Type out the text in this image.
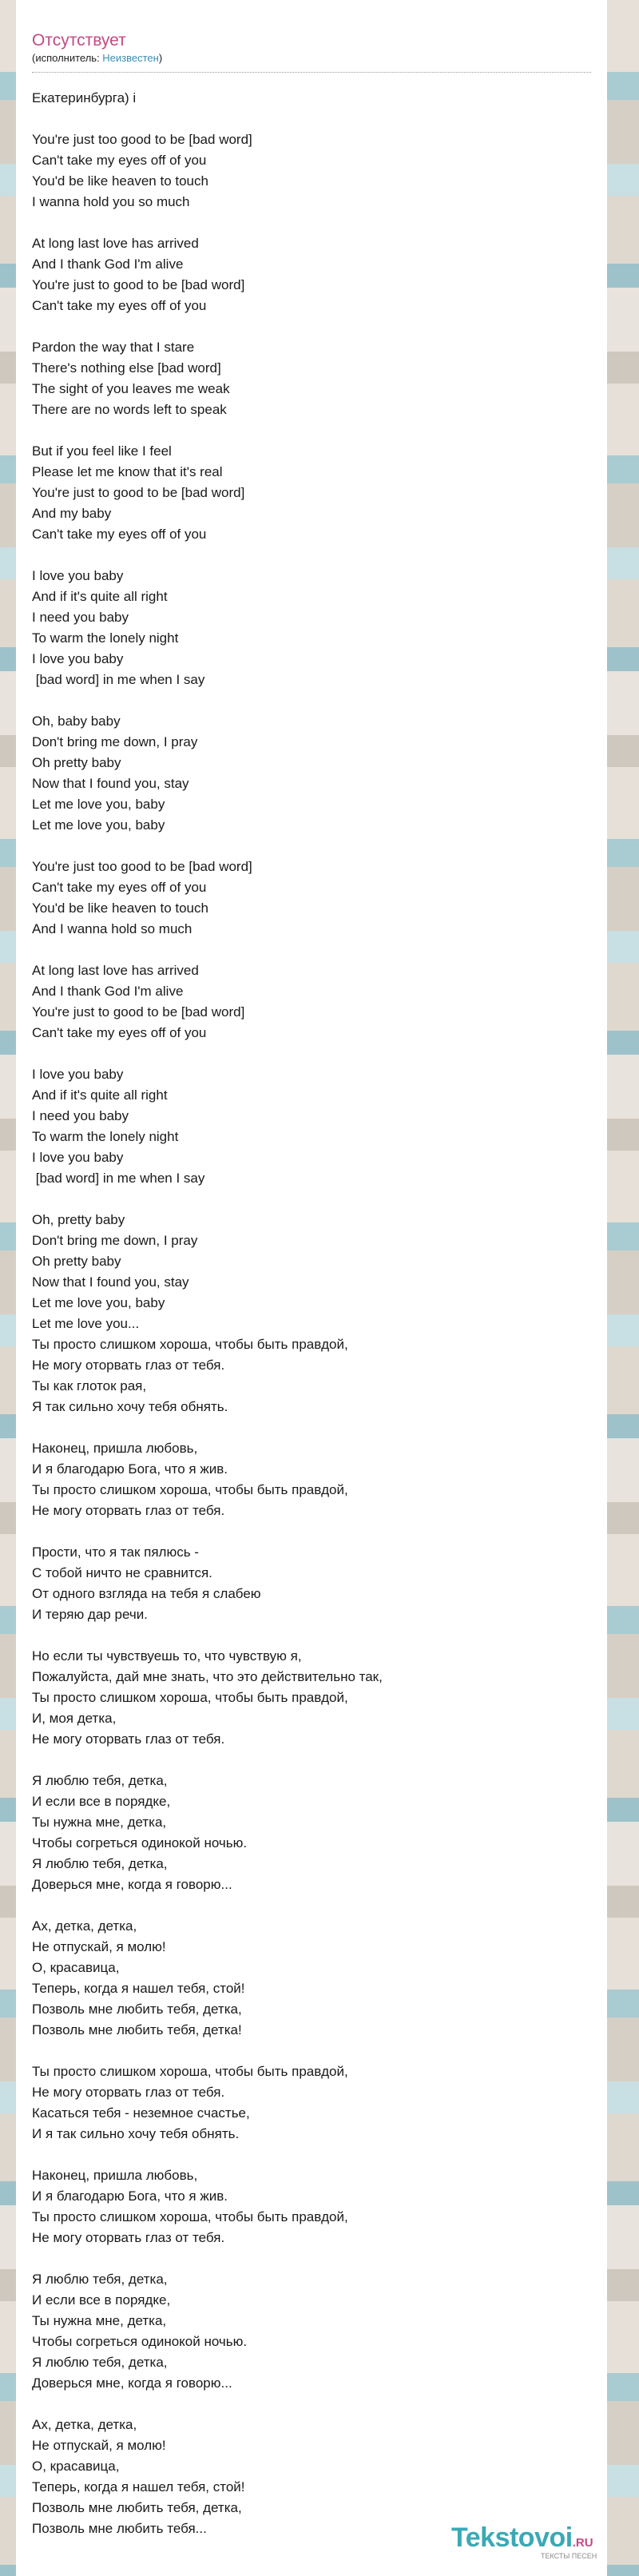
Отсутствует
(исполнитель: Неизвестен)
Екатеринбурга) i
You're just too good to be [bad word]
Can't take my eyes off of you
You'd be like heaven to touch
I wanna hold you so much
At long last love has arrived
And I thank God I'm alive
You're just to good to be [bad word]
Can't take my eyes off of you
Pardon the way that I stare
There's nothing else [bad word]
The sight of you leaves me weak
There are no words left to speak
But if you feel like I feel
Please let me know that it's real
You're just to good to be [bad word]
And my baby
Can't take my eyes off of you
I love you baby
And if it's quite all right
I need you baby
To warm the lonely night
I love you baby
[bad word] in me when I say
Oh, baby baby
Don't bring me down, I pray
Oh pretty baby
Now that I found you, stay
Let me love you, baby
Let me love you, baby
You're just too good to be [bad word]
Can't take my eyes off of you
You'd be like heaven to touch
And I wanna hold so much
At long last love has arrived
And I thank God I'm alive
You're just to good to be [bad word]
Can't take my eyes off of you
I love you baby
And if it's quite all right
I need you baby
To warm the lonely night
I love you baby
[bad word] in me when I say
Oh, pretty baby
Don't bring me down, I pray
Oh pretty baby
Now that I found you, stay
Let me love you, baby
Let me love you...
Ты просто слишком хороша, чтобы быть правдой,
Не могу оторвать глаз от тебя.
Ты как глоток рая,
Я так сильно хочу тебя обнять.
Наконец, пришла любовь,
И я благодарю Бога, что я жив.
Ты просто слишком хороша, чтобы быть правдой,
Не могу оторвать глаз от тебя.
Прости, что я так пялюсь -
С тобой ничто не сравнится.
От одного взгляда на тебя я слабею
И теряю дар речи.
Но если ты чувствуешь то, что чувствую я,
Пожалуйста, дай мне знать, что это действительно так,
Ты просто слишком хороша, чтобы быть правдой,
И, моя детка,
Не могу оторвать глаз от тебя.
Я люблю тебя, детка,
И если все в порядке,
Ты нужна мне, детка,
Чтобы согреться одинокой ночью.
Я люблю тебя, детка,
Доверься мне, когда я говорю...
Ах, детка, детка,
Не отпускай, я молю!
О, красавица,
Теперь, когда я нашел тебя, стой!
Позволь мне любить тебя, детка,
Позволь мне любить тебя, детка!
Ты просто слишком хороша, чтобы быть правдой,
Не могу оторвать глаз от тебя.
Касаться тебя - неземное счастье,
И я так сильно хочу тебя обнять.
Наконец, пришла любовь,
И я благодарю Бога, что я жив.
Ты просто слишком хороша, чтобы быть правдой,
Не могу оторвать глаз от тебя.
Я люблю тебя, детка,
И если все в порядке,
Ты нужна мне, детка,
Чтобы согреться одинокой ночью.
Я люблю тебя, детка,
Доверься мне, когда я говорю...
Ах, детка, детка,
Не отпускай, я молю!
О, красавица,
Теперь, когда я нашел тебя, стой!
Позволь мне любить тебя, детка,
Позволь мне любить тебя...	Tekstovoi.RU
ТЕКСТЫ ПЕСЕН
